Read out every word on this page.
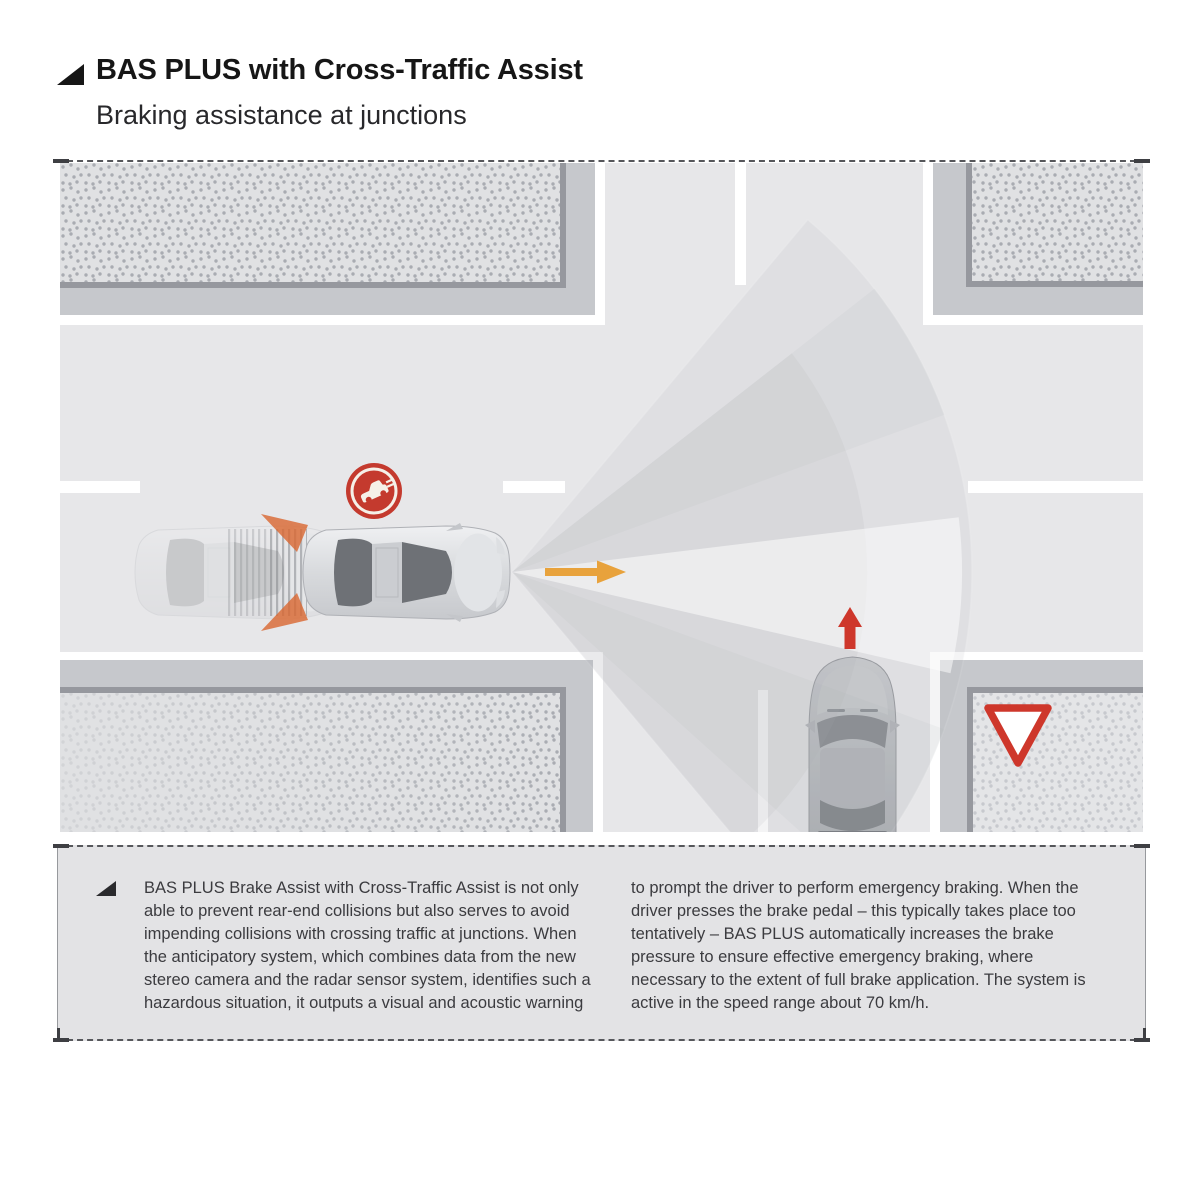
BAS PLUS with Cross-Traffic Assist
Braking assistance at junctions
BAS PLUS Brake Assist with Cross-Traffic Assist is not only able to prevent rear-end collisions but also serves to avoid impending collisions with crossing traffic at junctions. When the anticipatory system, which combines data from the new stereo camera and the radar sensor system, identifies such a hazardous situation, it outputs a visual and acoustic warning
to prompt the driver to perform emergency braking. When the driver presses the brake pedal – this typically takes place too tentatively – BAS PLUS automatically increases the brake pressure to ensure effective emergency braking, where necessary to the extent of full brake application. The system is active in the speed range about 70 km/h.
